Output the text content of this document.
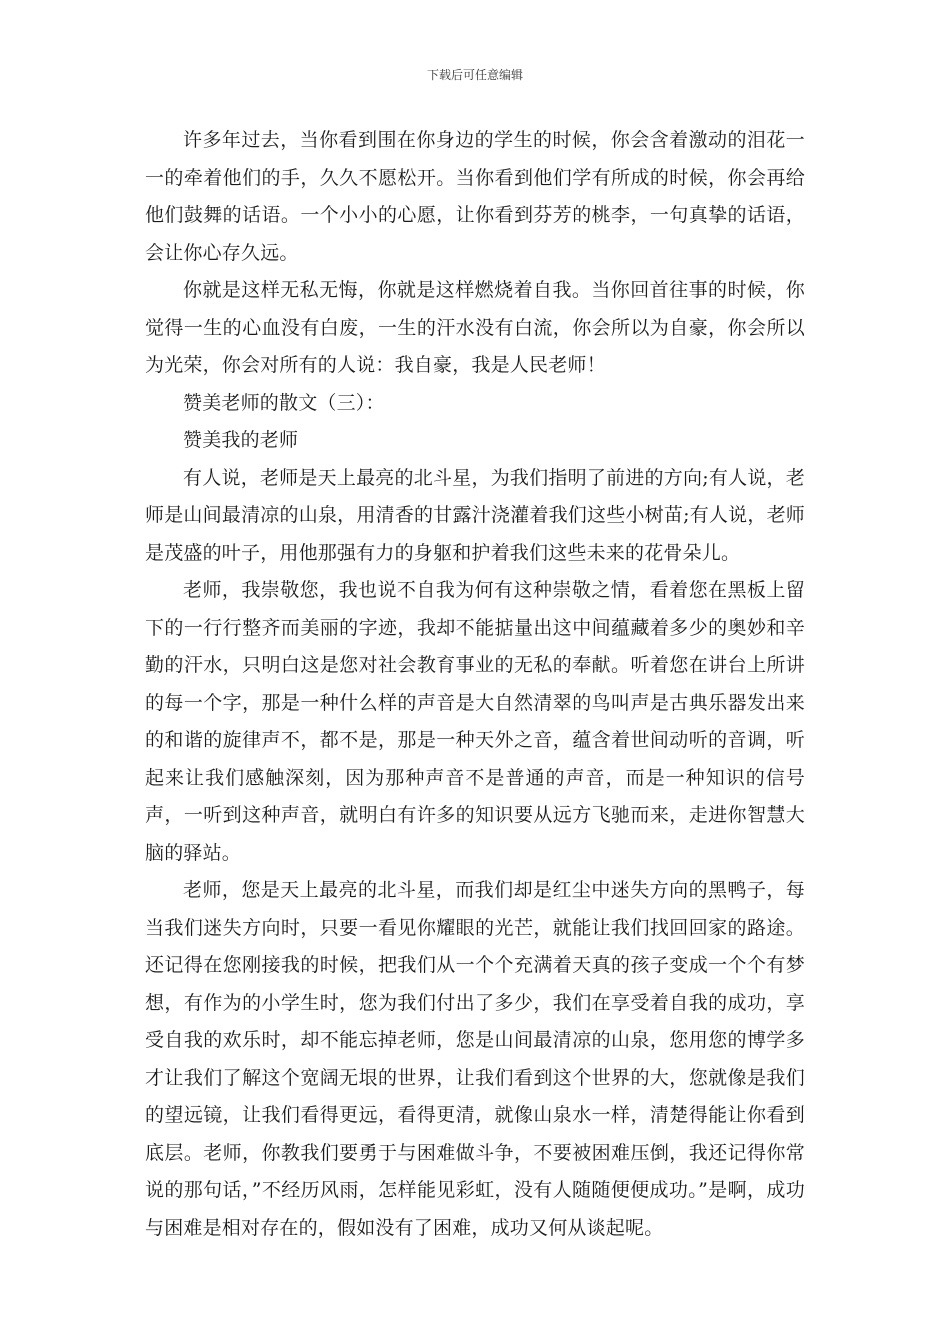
下载后可任意编辑

许多年过去，当你看到围在你身边的学生的时候，你会含着激动的泪花一一的牵着他们的手，久久不愿松开。当你看到他们学有所成的时候，你会再给他们鼓舞的话语。一个小小的心愿，让你看到芬芳的桃李，一句真挚的话语，会让你心存久远。

你就是这样无私无悔，你就是这样燃烧着自我。当你回首往事的时候，你觉得一生的心血没有白废，一生的汗水没有白流，你会所以为自豪，你会所以为光荣，你会对所有的人说：我自豪，我是人民老师！

赞美老师的散文（三）：

赞美我的老师

有人说，老师是天上最亮的北斗星，为我们指明了前进的方向;有人说，老师是山间最清凉的山泉，用清香的甘露汁浇灌着我们这些小树苗;有人说，老师是茂盛的叶子，用他那强有力的身躯和护着我们这些未来的花骨朵儿。

老师，我崇敬您，我也说不自我为何有这种崇敬之情，看着您在黑板上留下的一行行整齐而美丽的字迹，我却不能掂量出这中间蕴藏着多少的奥妙和辛勤的汗水，只明白这是您对社会教育事业的无私的奉献。听着您在讲台上所讲的每一个字，那是一种什么样的声音是大自然清翠的鸟叫声是古典乐器发出来的和谐的旋律声不，都不是，那是一种天外之音，蕴含着世间动听的音调，听起来让我们感触深刻，因为那种声音不是普通的声音，而是一种知识的信号声，一听到这种声音，就明白有许多的知识要从远方飞驰而来，走进你智慧大脑的驿站。

老师，您是天上最亮的北斗星，而我们却是红尘中迷失方向的黑鸭子，每当我们迷失方向时，只要一看见你耀眼的光芒，就能让我们找回回家的路途。还记得在您刚接我的时候，把我们从一个个充满着天真的孩子变成一个个有梦想，有作为的小学生时，您为我们付出了多少，我们在享受着自我的成功，享受自我的欢乐时，却不能忘掉老师，您是山间最清凉的山泉，您用您的博学多才让我们了解这个宽阔无垠的世界，让我们看到这个世界的大，您就像是我们的望远镜，让我们看得更远，看得更清，就像山泉水一样，清楚得能让你看到底层。老师，你教我们要勇于与困难做斗争，不要被困难压倒，我还记得你常说的那句话，”不经历风雨，怎样能见彩虹，没有人随随便便成功。”是啊，成功与困难是相对存在的，假如没有了困难，成功又何从谈起呢。
